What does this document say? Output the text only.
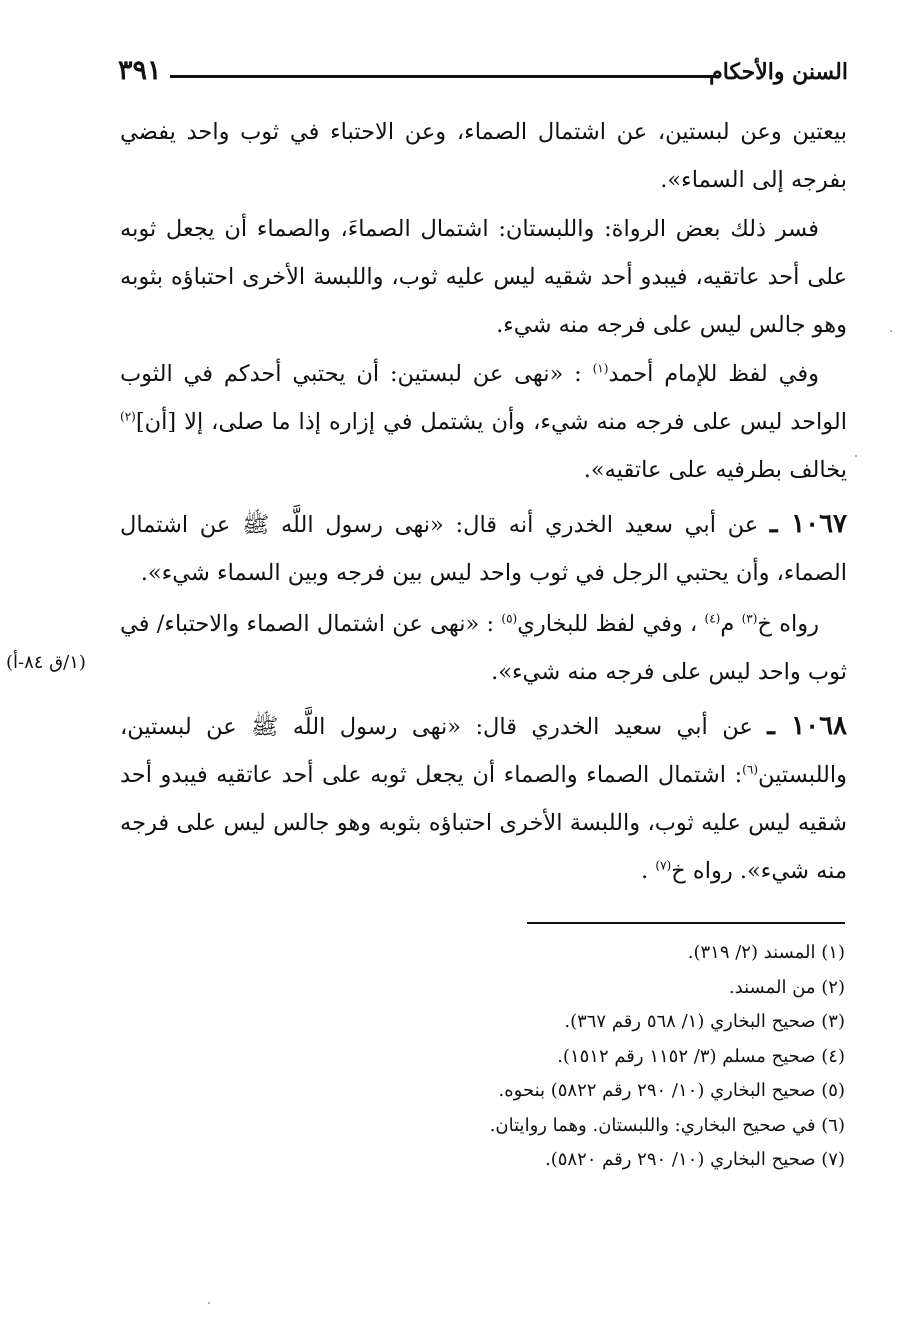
٣٩١	السنن والأحكام
بيعتين وعن لبستين، عن اشتمال الصماء، وعن الاحتباء في ثوب واحد يفضي بفرجه إلى السماء».
فسر ذلك بعض الرواة: واللبستان: اشتمال الصماءَ، والصماء أن يجعل ثوبه على أحد عاتقيه، فيبدو أحد شقيه ليس عليه ثوب، واللبسة الأخرى احتباؤه بثوبه وهو جالس ليس على فرجه منه شيء.
وفي لفظ للإمام أحمد$^{(١)}$ : «نهى عن لبستين: أن يحتبي أحدكم في الثوب الواحد ليس على فرجه منه شيء، وأن يشتمل في إزاره إذا ما صلى، إلا [أن]$^{(٢)}$ يخالف بطرفيه على عاتقيه».
١٠٦٧ ـ عن أبي سعيد الخدري أنه قال: «نهى رسول اللَّه ﷺ عن اشتمال الصماء، وأن يحتبي الرجل في ثوب واحد ليس بين فرجه وبين السماء شيء».
رواه خ$^{(٣)}$ م$^{(٤)}$ ، وفي لفظ للبخاري$^{(٥)}$ : «نهى عن اشتمال الصماء والاحتباء/ في ثوب واحد ليس على فرجه منه شيء».
(١/ق ٨٤-أ)
١٠٦٨ ـ عن أبي سعيد الخدري قال: «نهى رسول اللَّه ﷺ عن لبستين، واللبستين$^{(٦)}$: اشتمال الصماء والصماء أن يجعل ثوبه على أحد عاتقيه فيبدو أحد شقيه ليس عليه ثوب، واللبسة الأخرى احتباؤه بثوبه وهو جالس ليس على فرجه منه شيء». رواه خ$^{(٧)}$ .
(١) المسند (٢/ ٣١٩).
(٢) من المسند.
(٣) صحيح البخاري (١/ ٥٦٨ رقم ٣٦٧).
(٤) صحيح مسلم (٣/ ١١٥٢ رقم ١٥١٢).
(٥) صحيح البخاري (١٠/ ٢٩٠ رقم ٥٨٢٢) بنحوه.
(٦) في صحيح البخاري: واللبستان. وهما روايتان.
(٧) صحيح البخاري (١٠/ ٢٩٠ رقم ٥٨٢٠).
